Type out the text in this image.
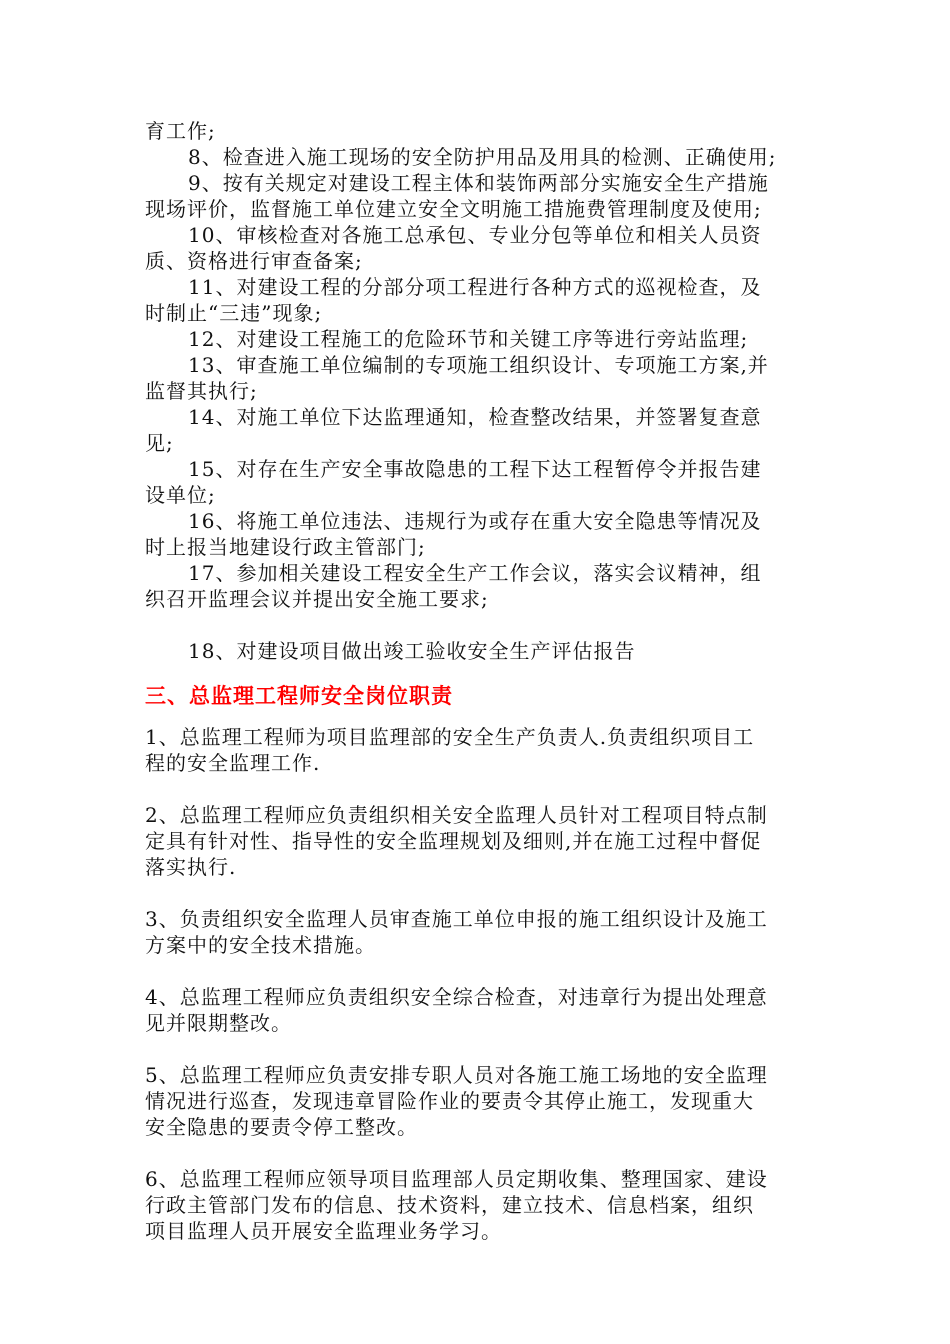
育工作;
8、检查进入施工现场的安全防护用品及用具的检测、正确使用;
9、按有关规定对建设工程主体和装饰两部分实施安全生产措施
现场评价，监督施工单位建立安全文明施工措施费管理制度及使用;
10、审核检查对各施工总承包、专业分包等单位和相关人员资
质、资格进行审查备案;
11、对建设工程的分部分项工程进行各种方式的巡视检查，及
时制止“三违”现象;
12、对建设工程施工的危险环节和关键工序等进行旁站监理;
13、审查施工单位编制的专项施工组织设计、专项施工方案,并
监督其执行;
14、对施工单位下达监理通知，检查整改结果，并签署复查意
见;
15、对存在生产安全事故隐患的工程下达工程暂停令并报告建
设单位;
16、将施工单位违法、违规行为或存在重大安全隐患等情况及
时上报当地建设行政主管部门;
17、参加相关建设工程安全生产工作会议，落实会议精神，组
织召开监理会议并提出安全施工要求;
18、对建设项目做出竣工验收安全生产评估报告
三、总监理工程师安全岗位职责
1、总监理工程师为项目监理部的安全生产负责人.负责组织项目工
程的安全监理工作.
2、总监理工程师应负责组织相关安全监理人员针对工程项目特点制
定具有针对性、指导性的安全监理规划及细则,并在施工过程中督促
落实执行.
3、负责组织安全监理人员审查施工单位申报的施工组织设计及施工
方案中的安全技术措施。
4、总监理工程师应负责组织安全综合检查，对违章行为提出处理意
见并限期整改。
5、总监理工程师应负责安排专职人员对各施工施工场地的安全监理
情况进行巡查，发现违章冒险作业的要责令其停止施工，发现重大
安全隐患的要责令停工整改。
6、总监理工程师应领导项目监理部人员定期收集、整理国家、建设
行政主管部门发布的信息、技术资料，建立技术、信息档案，组织
项目监理人员开展安全监理业务学习。
